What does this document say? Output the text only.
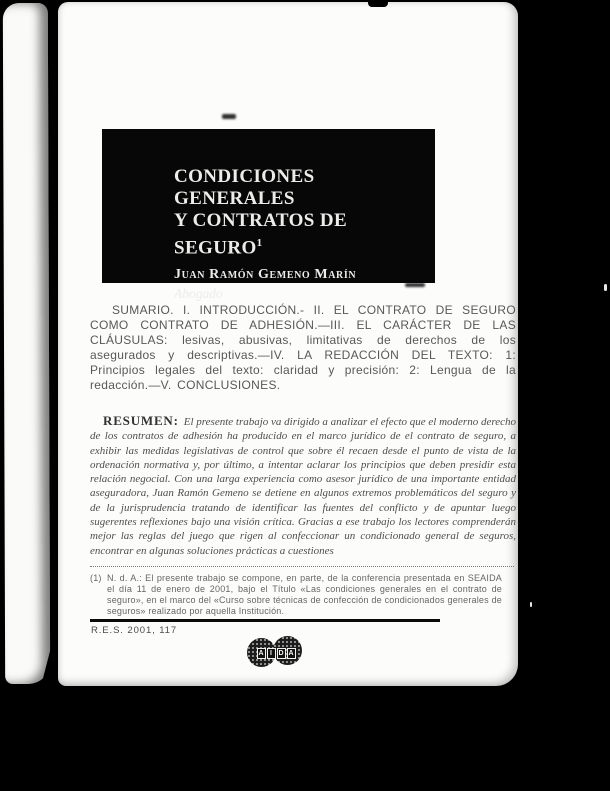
CONDICIONES GENERALES
Y CONTRATOS DE SEGURO$^1$
Juan Ramón Gemeno Marín
Abogado

SUMARIO. I. INTRODUCCIÓN.- II. EL CONTRATO DE SEGURO COMO CONTRATO DE ADHESIÓN.—III. EL CARÁCTER DE LAS CLÁUSULAS: lesivas, abusivas, limitativas de derechos de los asegurados y descriptivas.—IV. LA REDACCIÓN DEL TEXTO: 1: Principios legales del texto: claridad y precisión: 2: Lengua de la redacción.—V. CONCLUSIONES.

RESUMEN: El presente trabajo va dirigido a analizar el efecto que el moderno derecho de los contratos de adhesión ha producido en el marco jurídico de el contrato de seguro, a exhibir las medidas legislativas de control que sobre él recaen desde el punto de vista de la ordenación normativa y, por último, a intentar aclarar los principios que deben presidir esta relación negocial. Con una larga experiencia como asesor jurídico de una importante entidad aseguradora, Juan Ramón Gemeno se detiene en algunos extremos problemáticos del seguro y de la jurisprudencia tratando de identificar las fuentes del conflicto y de apuntar luego sugerentes reflexiones bajo una visión crítica. Gracias a ese trabajo los lectores comprenderán mejor las reglas del juego que rigen al confeccionar un condicionado general de seguros, encontrar en algunas soluciones prácticas a cuestiones

(1) N. d. A.: El presente trabajo se compone, en parte, de la conferencia presentada en SEAIDA el día 11 de enero de 2001, bajo el Título «Las condiciones generales en el contrato de seguro», en el marco del «Curso sobre técnicas de confección de condicionados generales de seguros» realizado por aquella Institución.
R.E.S. 2001, 117
A I D A
